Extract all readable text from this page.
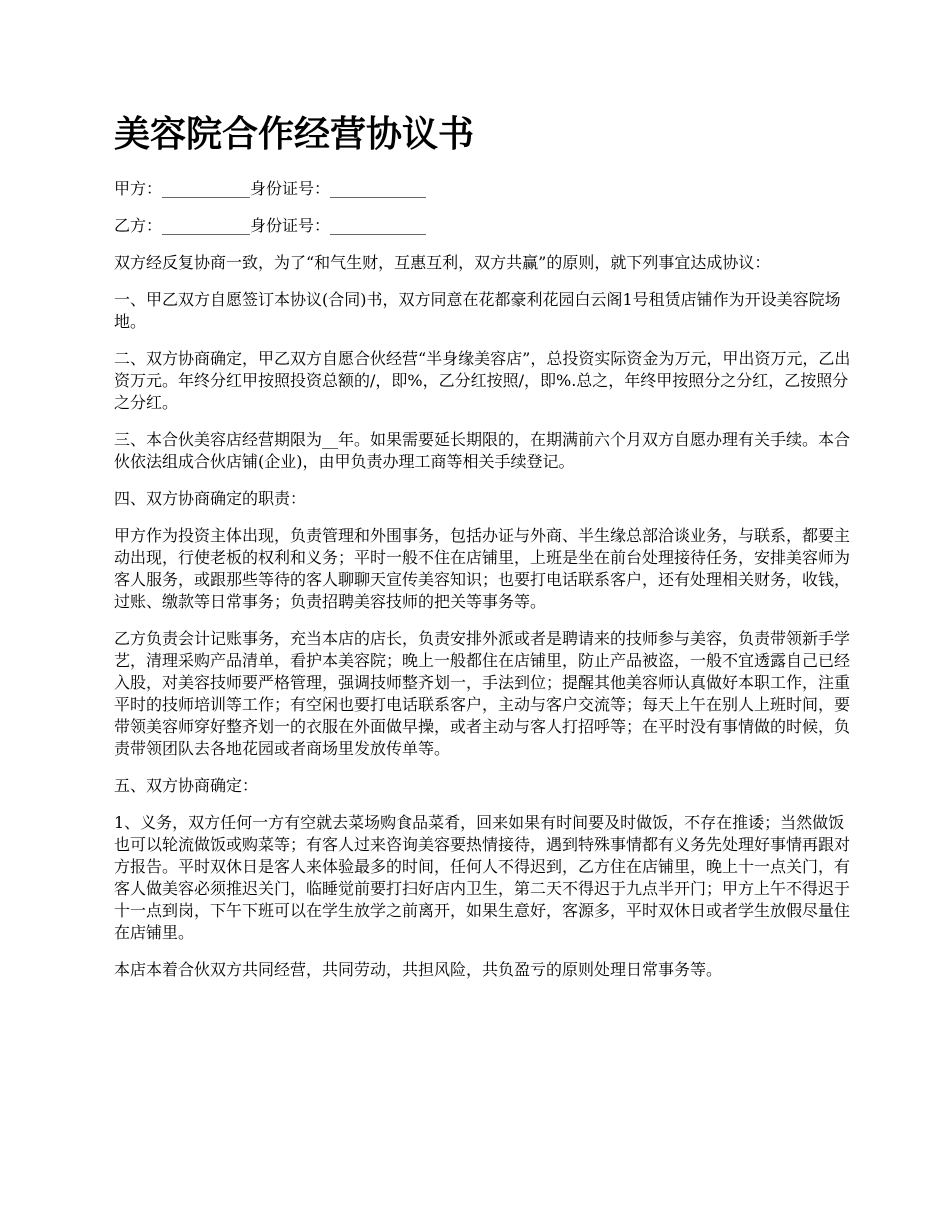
美容院合作经营协议书

甲方：___________身份证号：____________

乙方：___________身份证号：____________

双方经反复协商一致，为了“和气生财，互惠互利，双方共赢”的原则，就下列事宜达成协议：

一、甲乙双方自愿签订本协议(合同)书，双方同意在花都豪利花园白云阁1号租赁店铺作为开设美容院场地。

二、双方协商确定，甲乙双方自愿合伙经营“半身缘美容店”，总投资实际资金为万元，甲出资万元，乙出资万元。年终分红甲按照投资总额的/，即%，乙分红按照/，即%.总之，年终甲按照分之分红，乙按照分之分红。

三、本合伙美容店经营期限为__年。如果需要延长期限的，在期满前六个月双方自愿办理有关手续。本合伙依法组成合伙店铺(企业)，由甲负责办理工商等相关手续登记。

四、双方协商确定的职责：

甲方作为投资主体出现，负责管理和外围事务，包括办证与外商、半生缘总部洽谈业务，与联系，都要主动出现，行使老板的权利和义务；平时一般不住在店铺里，上班是坐在前台处理接待任务，安排美容师为客人服务，或跟那些等待的客人聊聊天宣传美容知识；也要打电话联系客户，还有处理相关财务，收钱，过账、缴款等日常事务；负责招聘美容技师的把关等事务等。

乙方负责会计记账事务，充当本店的店长，负责安排外派或者是聘请来的技师参与美容，负责带领新手学艺，清理采购产品清单，看护本美容院；晚上一般都住在店铺里，防止产品被盗，一般不宜透露自己已经入股，对美容技师要严格管理，强调技师整齐划一，手法到位；提醒其他美容师认真做好本职工作，注重平时的技师培训等工作；有空闲也要打电话联系客户，主动与客户交流等；每天上午在别人上班时间，要带领美容师穿好整齐划一的衣服在外面做早操，或者主动与客人打招呼等；在平时没有事情做的时候，负责带领团队去各地花园或者商场里发放传单等。

五、双方协商确定：

1、义务，双方任何一方有空就去菜场购食品菜肴，回来如果有时间要及时做饭，不存在推诿；当然做饭也可以轮流做饭或购菜等；有客人过来咨询美容要热情接待，遇到特殊事情都有义务先处理好事情再跟对方报告。平时双休日是客人来体验最多的时间，任何人不得迟到，乙方住在店铺里，晚上十一点关门，有客人做美容必须推迟关门，临睡觉前要打扫好店内卫生，第二天不得迟于九点半开门；甲方上午不得迟于十一点到岗，下午下班可以在学生放学之前离开，如果生意好，客源多，平时双休日或者学生放假尽量住在店铺里。

本店本着合伙双方共同经营，共同劳动，共担风险，共负盈亏的原则处理日常事务等。
